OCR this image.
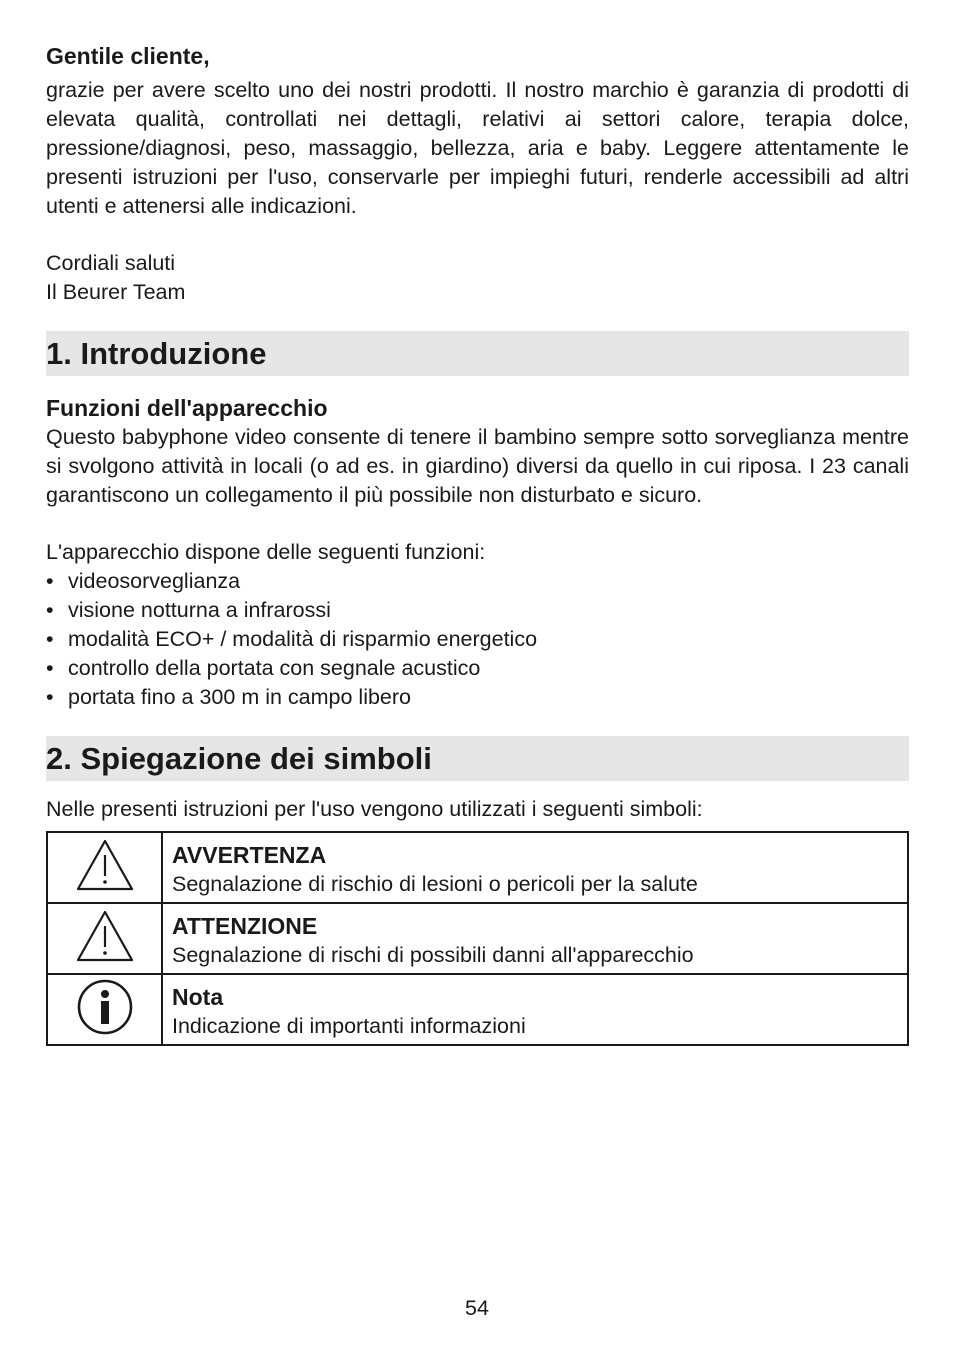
Gentile cliente,
grazie per avere scelto uno dei nostri prodotti. Il nostro marchio è garanzia di prodotti di elevata qualità, controllati nei dettagli, relativi ai settori calore, terapia dolce, pressione/diagnosi, peso, massaggio, bellezza, aria e baby. Leggere attentamente le presenti istruzioni per l'uso, conservarle per impieghi futuri, renderle accessibili ad altri utenti e attenersi alle indicazioni.
Cordiali saluti
Il Beurer Team
1. Introduzione
Funzioni dell'apparecchio
Questo babyphone video consente di tenere il bambino sempre sotto sorveglianza mentre si svolgono attività in locali (o ad es. in giardino) diversi da quello in cui riposa. I 23 canali garantiscono un collegamento il più possibile non disturbato e sicuro.
L'apparecchio dispone delle seguenti funzioni:
• videosorveglianza
• visione notturna a infrarossi
• modalità ECO+ / modalità di risparmio energetico
• controllo della portata con segnale acustico
• portata fino a 300 m in campo libero
2. Spiegazione dei simboli
Nelle presenti istruzioni per l'uso vengono utilizzati i seguenti simboli:

AVVERTENZA
Segnalazione di rischio di lesioni o pericoli per la salute

ATTENZIONE
Segnalazione di rischi di possibili danni all'apparecchio

Nota
Indicazione di importanti informazioni
54
